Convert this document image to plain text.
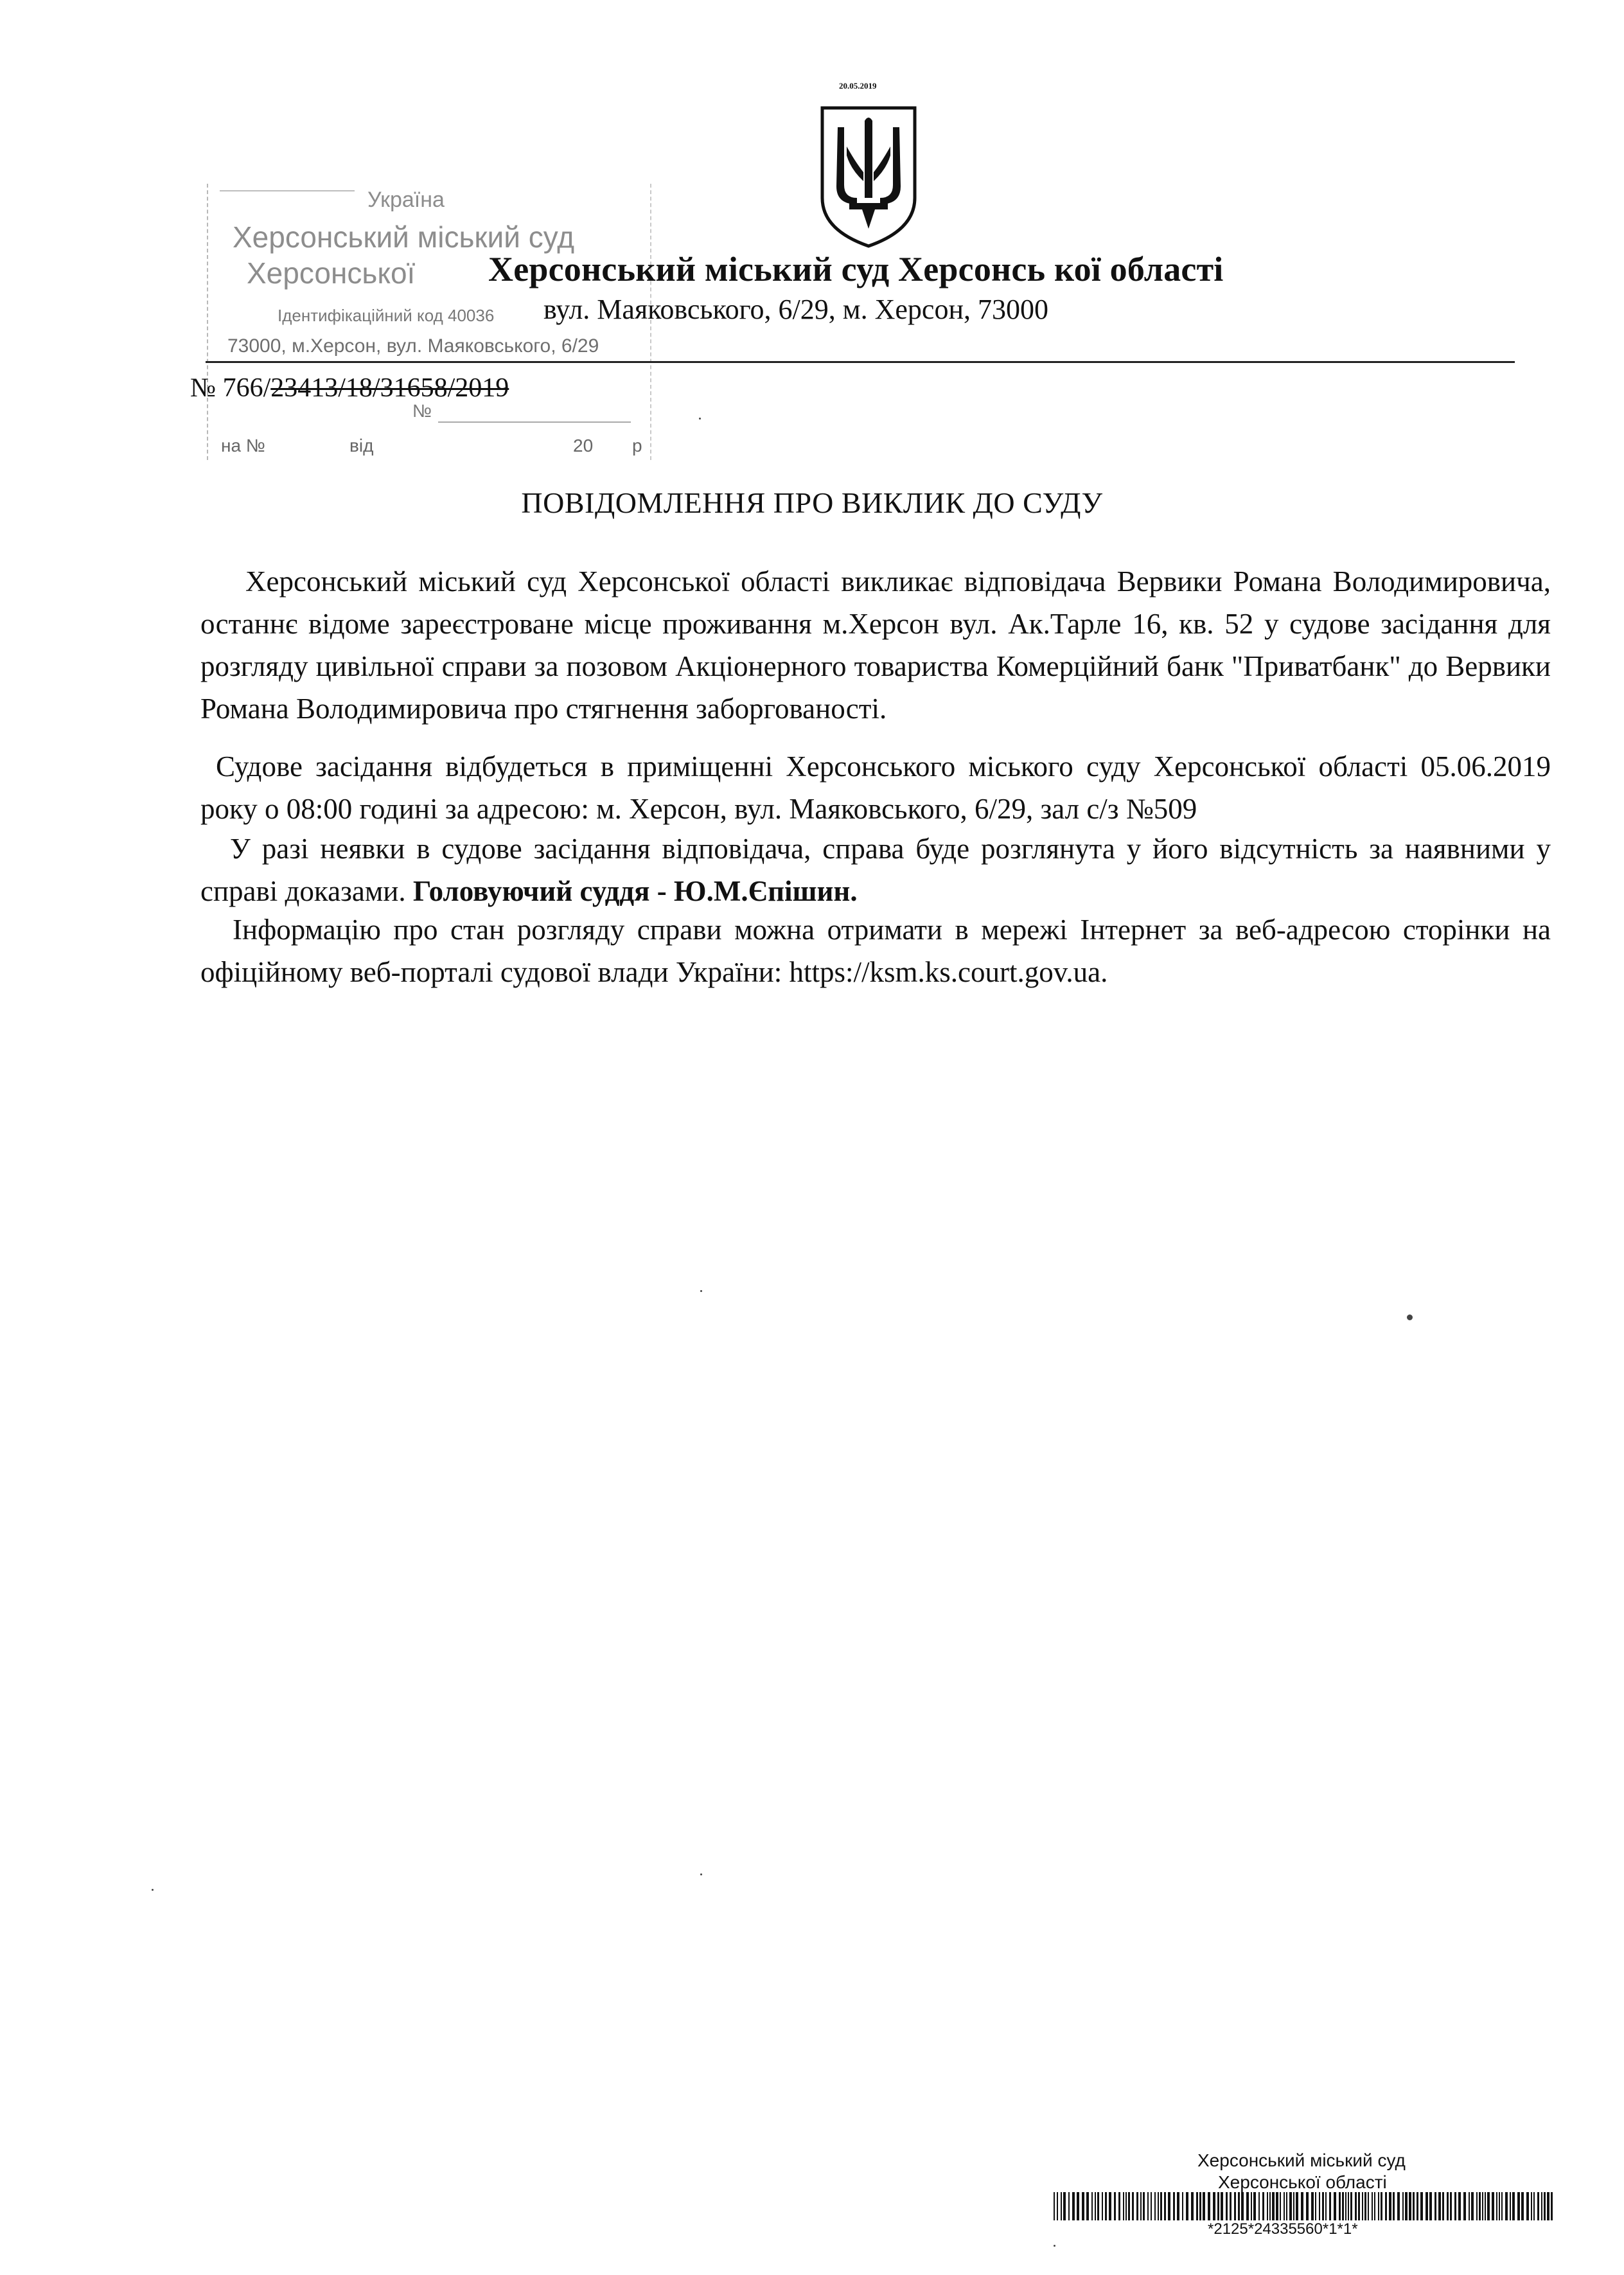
20.05.2019
Україна
Херсонський міський суд
Херсонської
Ідентифікаційний код 40036
73000, м.Херсон, вул. Маяковського, 6/29
№
на №	від	20 р
Херсонський міський суд Херсонсь кої області
вул. Маяковського, 6/29, м. Херсон, 73000
№ 766/23413/18/31658/2019
ПОВІДОМЛЕННЯ ПРО ВИКЛИК ДО СУДУ
Херсонський міський суд Херсонської області викликає відповідача Вервики Романа Володимировича, останнє відоме зареєстроване місце проживання м.Херсон вул. Ак.Тарле 16, кв. 52 у судове засідання для розгляду цивільної справи за позовом Акціонерного товариства Комерційний банк "Приватбанк" до Вервики Романа Володимировича про стягнення заборгованості.
Судове засідання відбудеться в приміщенні Херсонського міського суду Херсонської області 05.06.2019 року о 08:00 годині за адресою: м. Херсон, вул. Маяковського, 6/29, зал с/з №509
У разі неявки в судове засідання відповідача, справа буде розглянута у його відсутність за наявними у справі доказами. Головуючий суддя - Ю.М.Єпішин.
Інформацію про стан розгляду справи можна отримати в мережі Інтернет за веб-адресою сторінки на офіційному веб-порталі судової влади України: https://ksm.ks.court.gov.ua.
Херсонський міський суд
Херсонської області
*2125*24335560*1*1*
